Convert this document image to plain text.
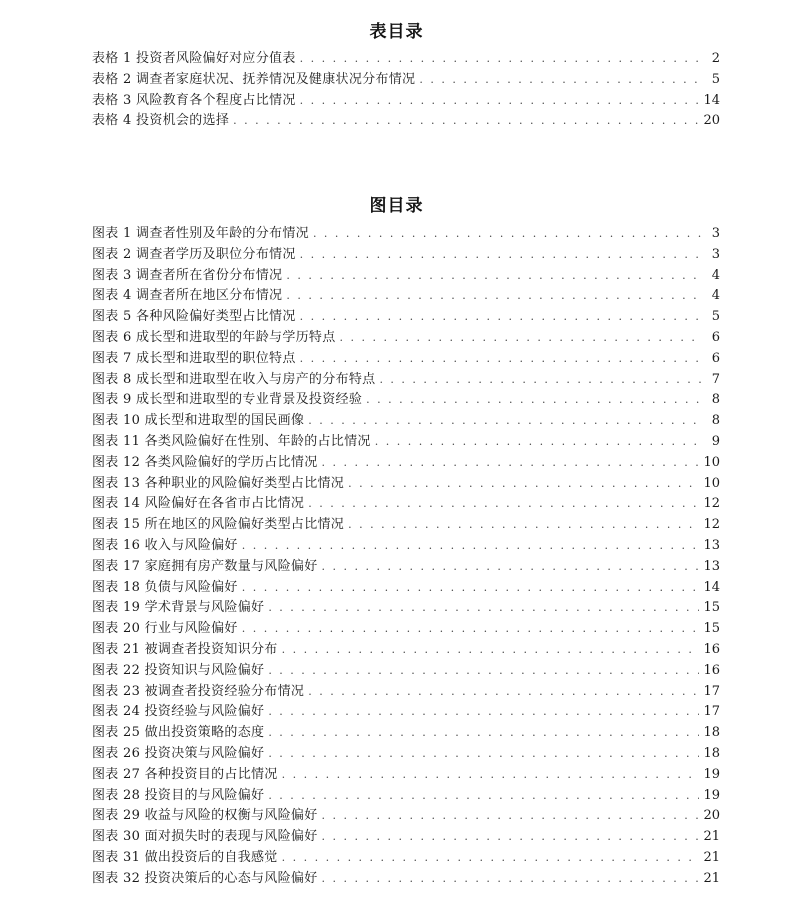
表目录
表格 1 投资者风险偏好对应分值表 . . .	2
表格 2 调查者家庭状况、抚养情况及健康状况分布情况 . . .	5
表格 3 风险教育各个程度占比情况 . . .	14
表格 4 投资机会的选择 . . .	20
图目录
图表 1 调查者性别及年龄的分布情况 . . .	3
图表 2 调查者学历及职位分布情况 . . .	3
图表 3 调查者所在省份分布情况 . . .	4
图表 4 调查者所在地区分布情况 . . .	4
图表 5 各种风险偏好类型占比情况 . . .	5
图表 6 成长型和进取型的年龄与学历特点 . . .	6
图表 7 成长型和进取型的职位特点 . . .	6
图表 8 成长型和进取型在收入与房产的分布特点 . . .	7
图表 9 成长型和进取型的专业背景及投资经验 . . .	8
图表 10 成长型和进取型的国民画像 . . .	8
图表 11 各类风险偏好在性别、年龄的占比情况 . . .	9
图表 12 各类风险偏好的学历占比情况 . . .	10
图表 13 各种职业的风险偏好类型占比情况 . . .	10
图表 14 风险偏好在各省市占比情况 . . .	12
图表 15 所在地区的风险偏好类型占比情况 . . .	12
图表 16 收入与风险偏好 . . .	13
图表 17 家庭拥有房产数量与风险偏好 . . .	13
图表 18 负债与风险偏好 . . .	14
图表 19 学术背景与风险偏好 . . .	15
图表 20 行业与风险偏好 . . .	15
图表 21 被调查者投资知识分布 . . .	16
图表 22 投资知识与风险偏好 . . .	16
图表 23 被调查者投资经验分布情况 . . .	17
图表 24 投资经验与风险偏好 . . .	17
图表 25 做出投资策略的态度 . . .	18
图表 26 投资决策与风险偏好 . . .	18
图表 27 各种投资目的占比情况 . . .	19
图表 28 投资目的与风险偏好 . . .	19
图表 29 收益与风险的权衡与风险偏好 . . .	20
图表 30 面对损失时的表现与风险偏好 . . .	21
图表 31 做出投资后的自我感觉 . . .	21
图表 32 投资决策后的心态与风险偏好 . . .	21
